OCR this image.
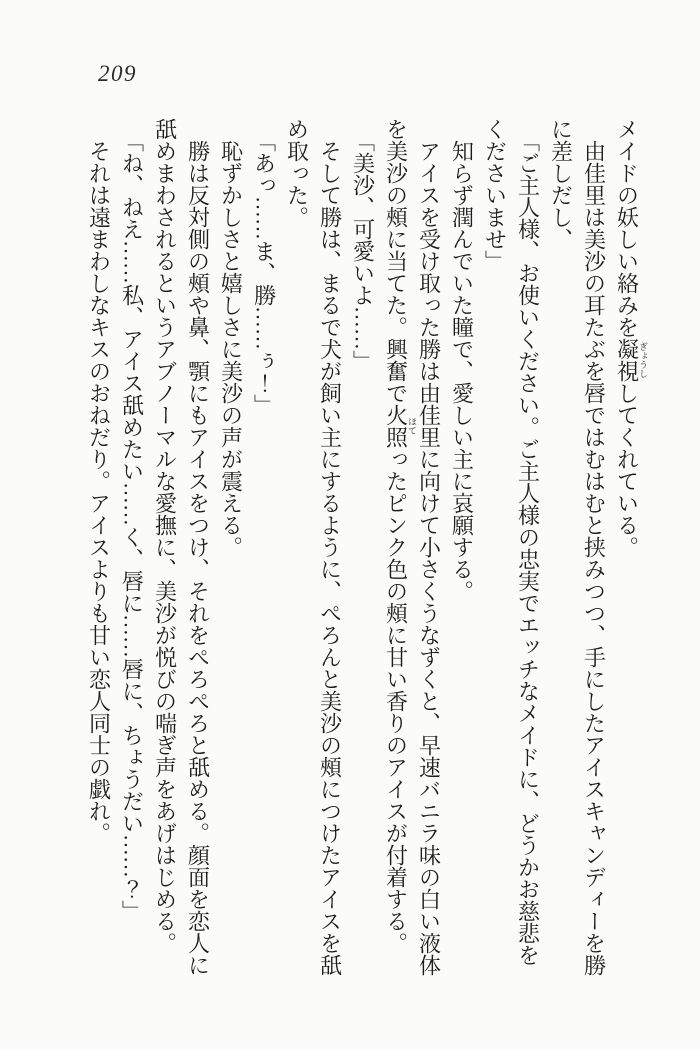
209

メイドの妖しい絡みを凝視ぎょうししてくれている。

由佳里は美沙の耳たぶを唇ではむはむと挟みつつ、手にしたアイスキャンディーを勝に差しだし、

「ご主人様、お使いください。ご主人様の忠実でエッチなメイドに、どうかお慈悲をくださいませ」

知らず潤んでいた瞳で、愛しい主に哀願する。

アイスを受け取った勝は由佳里に向けて小さくうなずくと、早速バニラ味の白い液体を美沙の頰に当てた。興奮で火照ほてったピンク色の頰に甘い香りのアイスが付着する。

「美沙、可愛いよ……」

そして勝は、まるで犬が飼い主にするように、ぺろんと美沙の頰につけたアイスを舐め取った。

「あっ……ま、勝……ぅ！」

恥ずかしさと嬉しさに美沙の声が震える。

勝は反対側の頰や鼻、顎にもアイスをつけ、それをぺろぺろと舐める。顔面を恋人に舐めまわされるというアブノーマルな愛撫に、美沙が悦びの喘ぎ声をあげはじめる。

「ね、ねえ……私、アイス舐めたい……く、唇に……唇に、ちょうだい……？」

それは遠まわしなキスのおねだり。アイスよりも甘い恋人同士の戯れ。
